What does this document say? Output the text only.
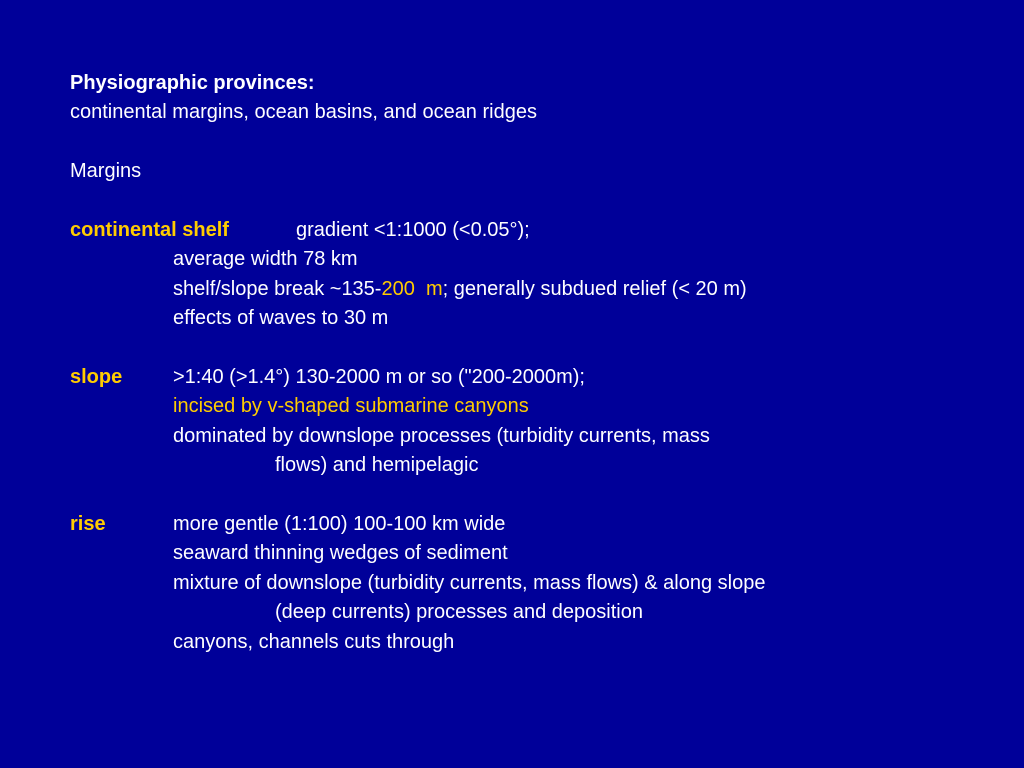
Physiographic provinces:
continental margins, ocean basins, and ocean ridges
Margins
continental shelf	gradient <1:1000 (<0.05°);
average width 78 km
shelf/slope break ~135-200  m; generally subdued relief (< 20 m)
effects of waves to 30 m
slope	>1:40 (>1.4°) 130-2000 m or so ("200-2000m);
incised by v-shaped submarine canyons
dominated by downslope processes (turbidity currents, mass
flows) and hemipelagic
rise	more gentle (1:100) 100-100 km wide
seaward thinning wedges of sediment
mixture of downslope (turbidity currents, mass flows) & along slope
(deep currents) processes and deposition
canyons, channels cuts through
